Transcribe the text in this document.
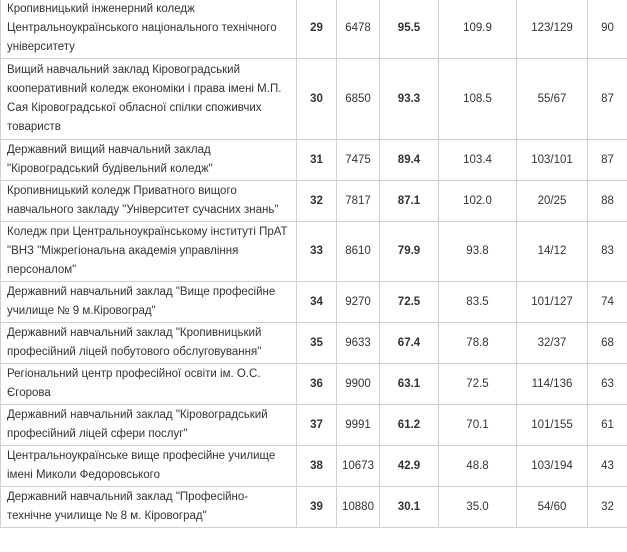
Кропивницький інженерний коледж Центральноукраїнського національного технічного університету	29	6478	95.5	109.9	123/129	90
Вищий навчальний заклад Кіровоградський кооперативний коледж економіки і права імені М.П. Сая Кіровоградської обласної спілки споживчих товариств	30	6850	93.3	108.5	55/67	87
Державний вищий навчальний заклад "Кіровоградський будівельний коледж"	31	7475	89.4	103.4	103/101	87
Кропивницький коледж Приватного вищого навчального закладу "Університет сучасних знань"	32	7817	87.1	102.0	20/25	88
Коледж при Центральноукраїнському інституті ПрАТ "ВНЗ "Міжрегіональна академія управління персоналом"	33	8610	79.9	93.8	14/12	83
Державний навчальний заклад "Вище професійне училище № 9 м.Кіровоград"	34	9270	72.5	83.5	101/127	74
Державний навчальний заклад "Кропивницький професійний ліцей побутового обслуговування"	35	9633	67.4	78.8	32/37	68
Регіональний центр професійної освіти ім. О.С. Єгорова	36	9900	63.1	72.5	114/136	63
Державний навчальний заклад "Кіровоградський професійний ліцей сфери послуг"	37	9991	61.2	70.1	101/155	61
Центральноукраїнське вище професійне училище імені Миколи Федоровського	38	10673	42.9	48.8	103/194	43
Державний навчальний заклад "Професійно-технічне училище № 8 м. Кіровоград"	39	10880	30.1	35.0	54/60	32
